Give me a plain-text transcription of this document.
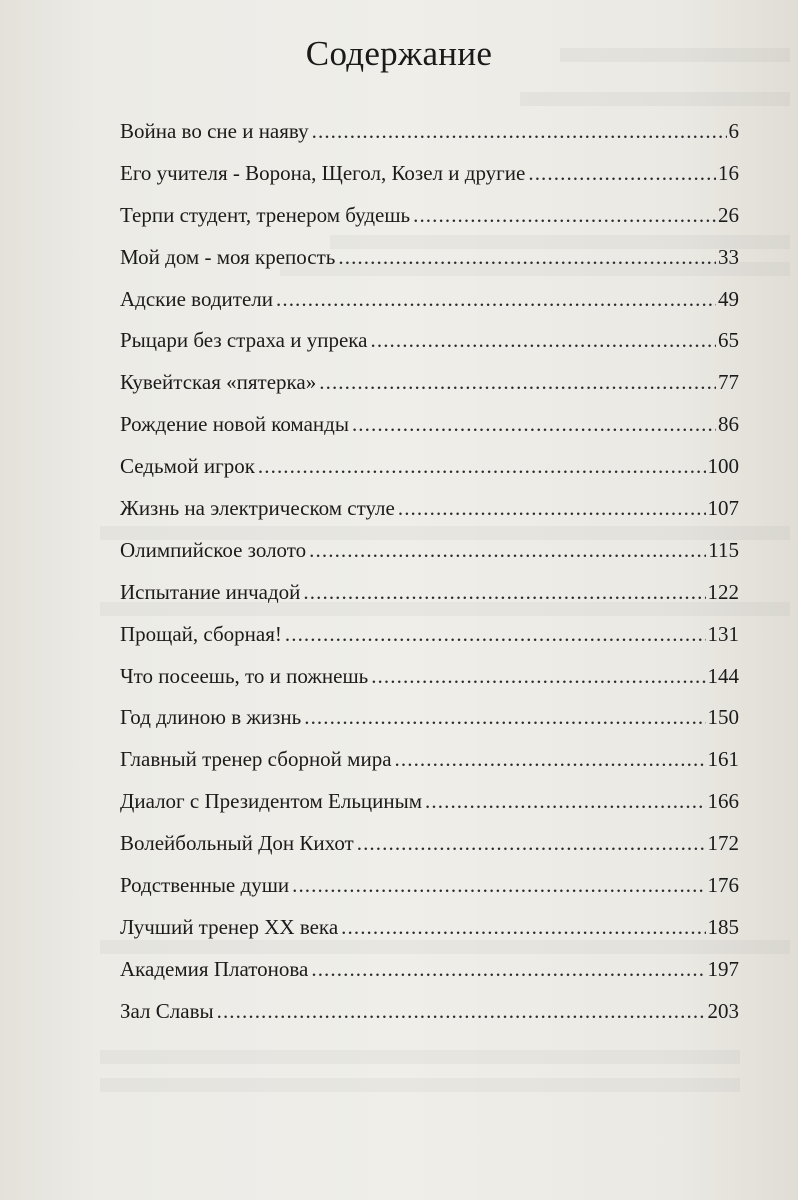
Содержание
Война во сне и наяву .....	6
Его учителя - Ворона, Щегол, Козел и другие .....	16
Терпи студент, тренером будешь .....	26
Мой дом - моя крепость .....	33
Адские водители .....	49
Рыцари без страха и упрека .....	65
Кувейтская «пятерка» .....	77
Рождение новой команды .....	86
Седьмой игрок .....	100
Жизнь на электрическом стуле .....	107
Олимпийское золото .....	115
Испытание инчадой .....	122
Прощай, сборная! .....	131
Что посеешь, то и пожнешь .....	144
Год длиною в жизнь .....	150
Главный тренер сборной мира .....	161
Диалог с Президентом Ельциным .....	166
Волейбольный Дон Кихот .....	172
Родственные души .....	176
Лучший тренер XX века .....	185
Академия Платонова .....	197
Зал Славы .....	203
